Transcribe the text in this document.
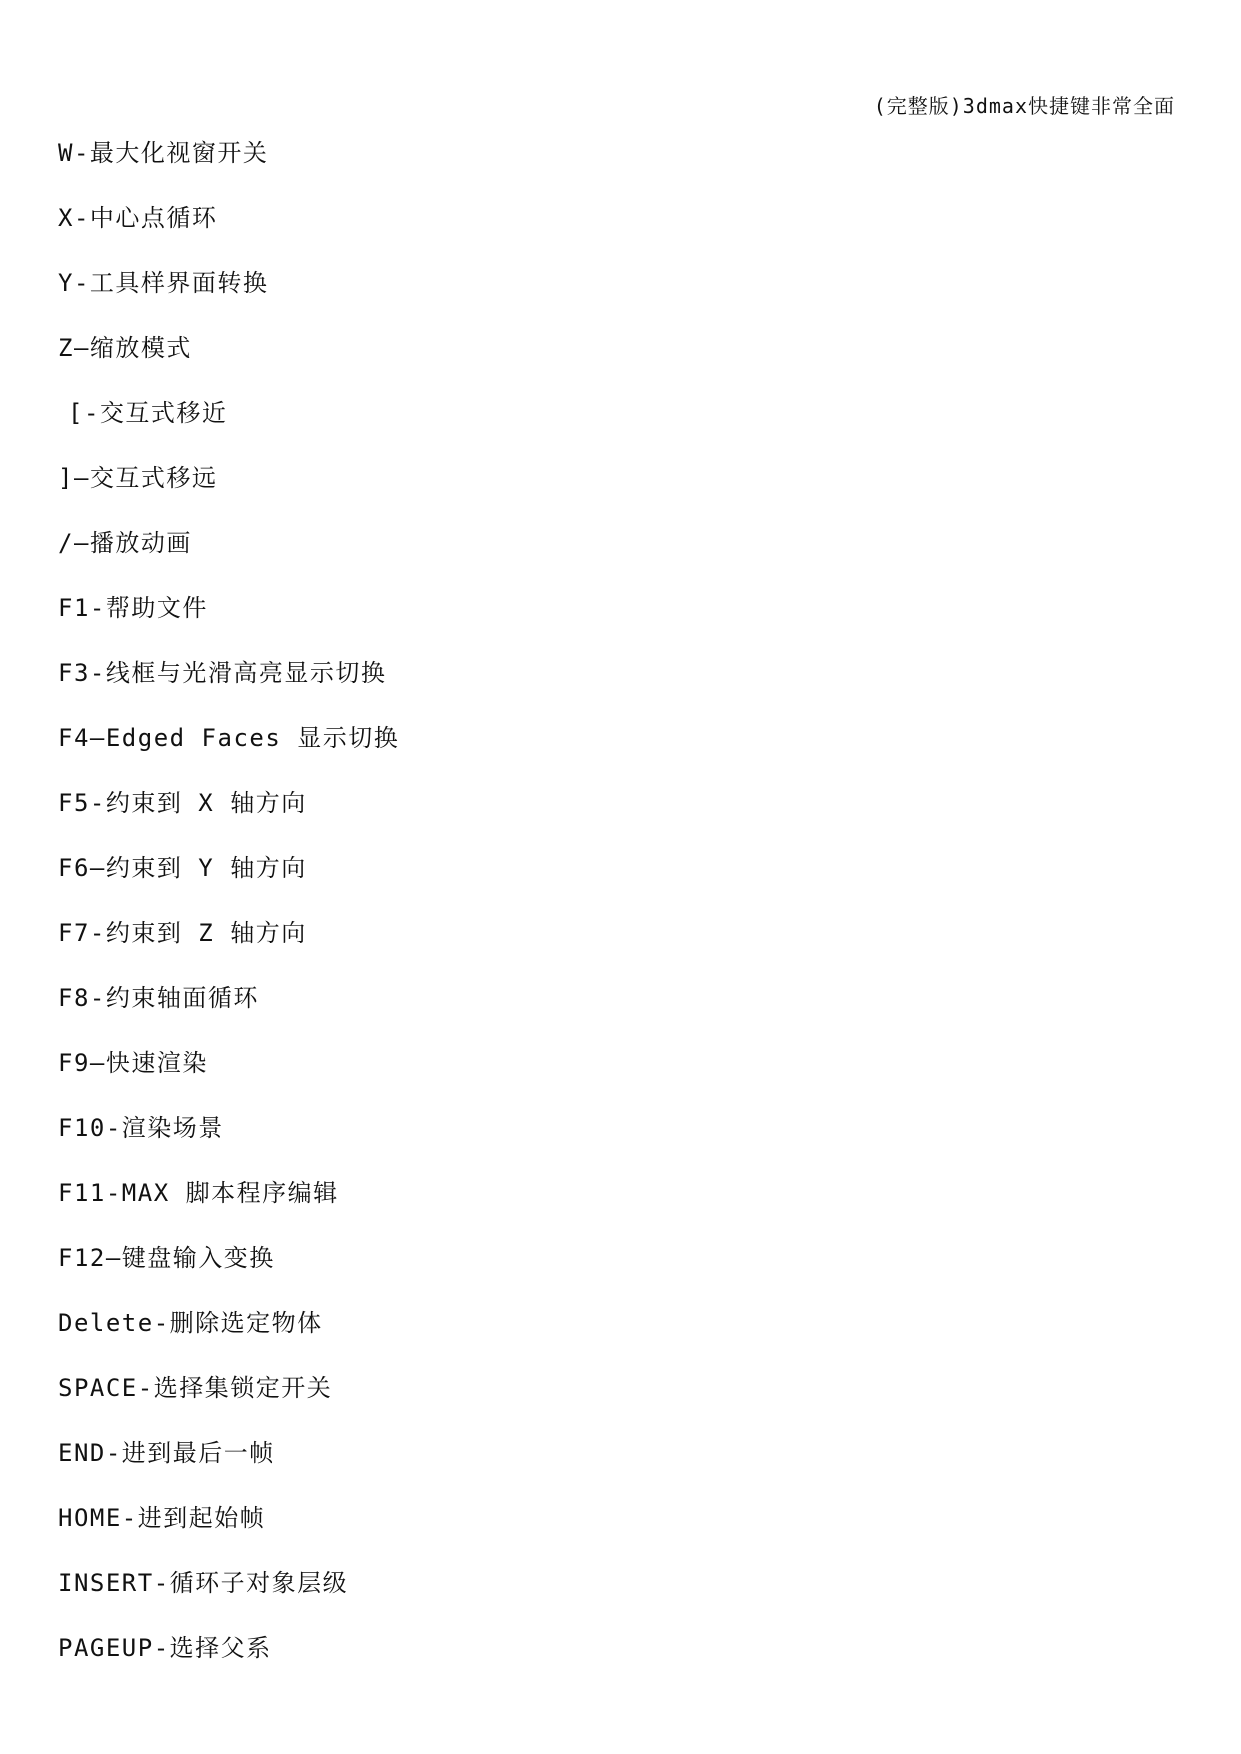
(完整版)3dmax快捷键非常全面
W-最大化视窗开关
X-中心点循环
Y-工具样界面转换
Z—缩放模式
[-交互式移近
]—交互式移远
/—播放动画
F1-帮助文件
F3-线框与光滑高亮显示切换
F4—Edged Faces 显示切换
F5-约束到 X 轴方向
F6—约束到 Y 轴方向
F7-约束到 Z 轴方向
F8-约束轴面循环
F9—快速渲染
F10-渲染场景
F11-MAX 脚本程序编辑
F12—键盘输入变换
Delete-删除选定物体
SPACE-选择集锁定开关
END-进到最后一帧
HOME-进到起始帧
INSERT-循环子对象层级
PAGEUP-选择父系
